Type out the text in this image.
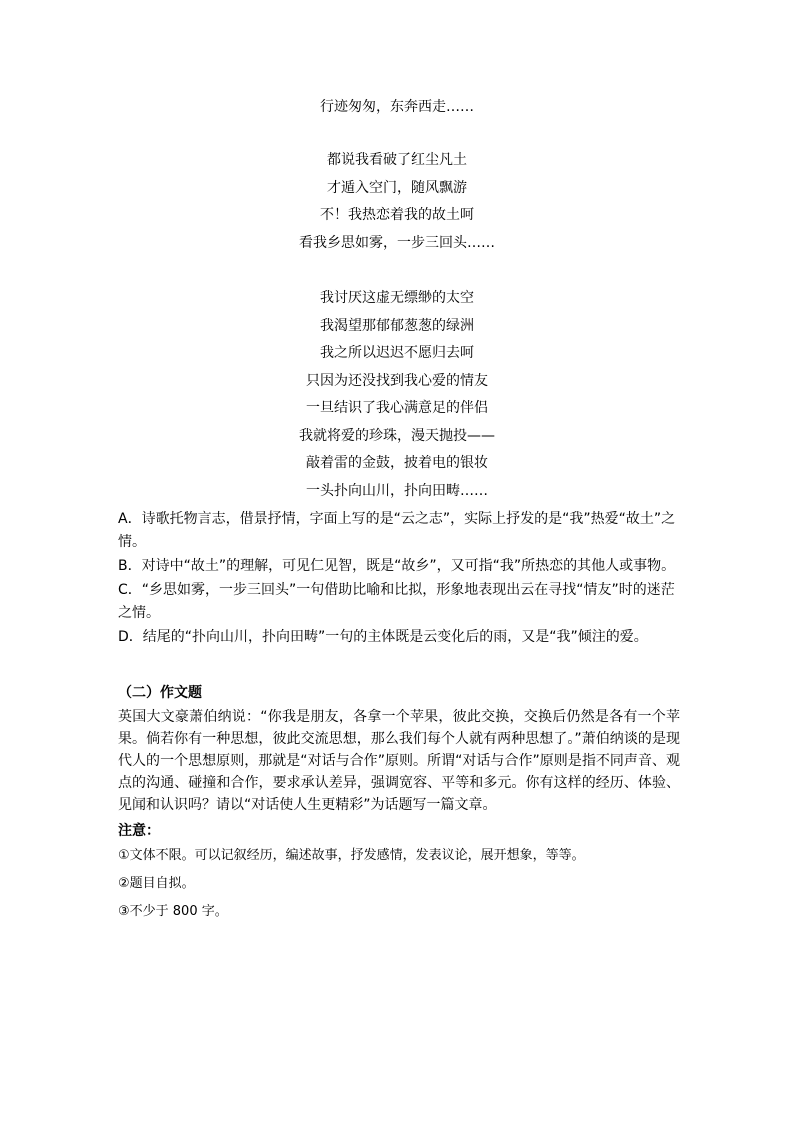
行迹匆匆，东奔西走……
都说我看破了红尘凡土
才遁入空门，随风飘游
不！我热恋着我的故土呵
看我乡思如雾，一步三回头……
我讨厌这虚无缥缈的太空
我渴望那郁郁葱葱的绿洲
我之所以迟迟不愿归去呵
只因为还没找到我心爱的情友
一旦结识了我心满意足的伴侣
我就将爱的珍珠，漫天抛投——
敲着雷的金鼓，披着电的银妆
一头扑向山川，扑向田畴……

A．诗歌托物言志，借景抒情，字面上写的是“云之志”，实际上抒发的是“我”热爱“故土”之情。

B．对诗中“故土”的理解，可见仁见智，既是“故乡”，又可指“我”所热恋的其他人或事物。

C．“乡思如雾，一步三回头”一句借助比喻和比拟，形象地表现出云在寻找“情友”时的迷茫之情。

D．结尾的“扑向山川，扑向田畴”一句的主体既是云变化后的雨，又是“我”倾注的爱。

（二）作文题
英国大文豪萧伯纳说：“你我是朋友，各拿一个苹果，彼此交换，交换后仍然是各有一个苹果。倘若你有一种思想，彼此交流思想，那么我们每个人就有两种思想了。”萧伯纳谈的是现代人的一个思想原则，那就是“对话与合作”原则。所谓“对话与合作”原则是指不同声音、观点的沟通、碰撞和合作，要求承认差异，强调宽容、平等和多元。你有这样的经历、体验、见闻和认识吗？请以“对话使人生更精彩”为话题写一篇文章。
注意：
①文体不限。可以记叙经历，编述故事，抒发感情，发表议论，展开想象，等等。
②题目自拟。
③不少于 800 字。
